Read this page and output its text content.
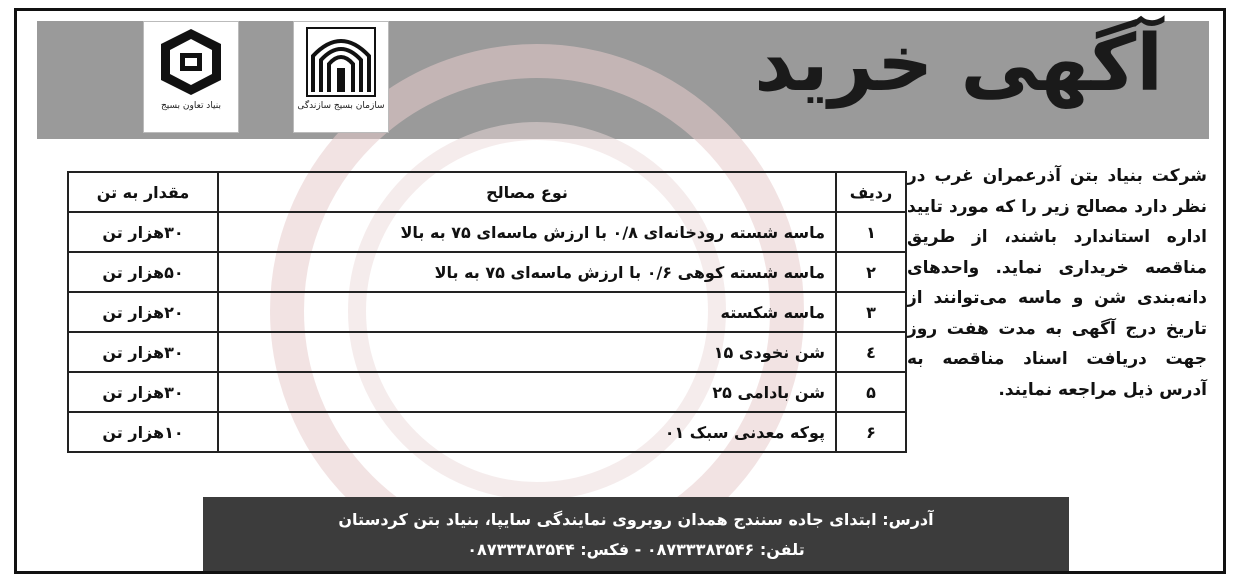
آگهی خرید
سازمان بسیج سازندگی
بنیاد تعاون بسیج
شرکت بنیاد بتن آذرعمران غرب در نظر دارد مصالح زیر را که مورد تایید اداره استاندارد باشند، از طریق مناقصه خریداری نماید. واحدهای دانه‌بندی شن و ماسه می‌توانند از تاریخ درج آگهی به مدت هفت روز جهت دریافت اسناد مناقصه به آدرس ذیل مراجعه نمایند.
ردیف	نوع مصالح	مقدار به تن
۱	ماسه شسته رودخانه‌ای ۰/۸ با ارزش ماسه‌ای ۷۵ به بالا	۳۰هزار تن
۲	ماسه شسته کوهی ۰/۶ با ارزش ماسه‌ای ۷۵ به بالا	۵۰هزار تن
۳	ماسه شکسته	۲۰هزار تن
٤	شن نخودی ۱۵	۳۰هزار تن
۵	شن بادامی ۲۵	۳۰هزار تن
۶	پوکه معدنی سبک ۰۱	۱۰هزار تن
آدرس: ابتدای جاده سنندج همدان روبروی نمایندگی سایپا، بنیاد بتن کردستان
تلفن: ۰۸۷۳۳۳۸۳۵۴۶ - فکس: ۰۸۷۳۳۳۸۳۵۴۴
